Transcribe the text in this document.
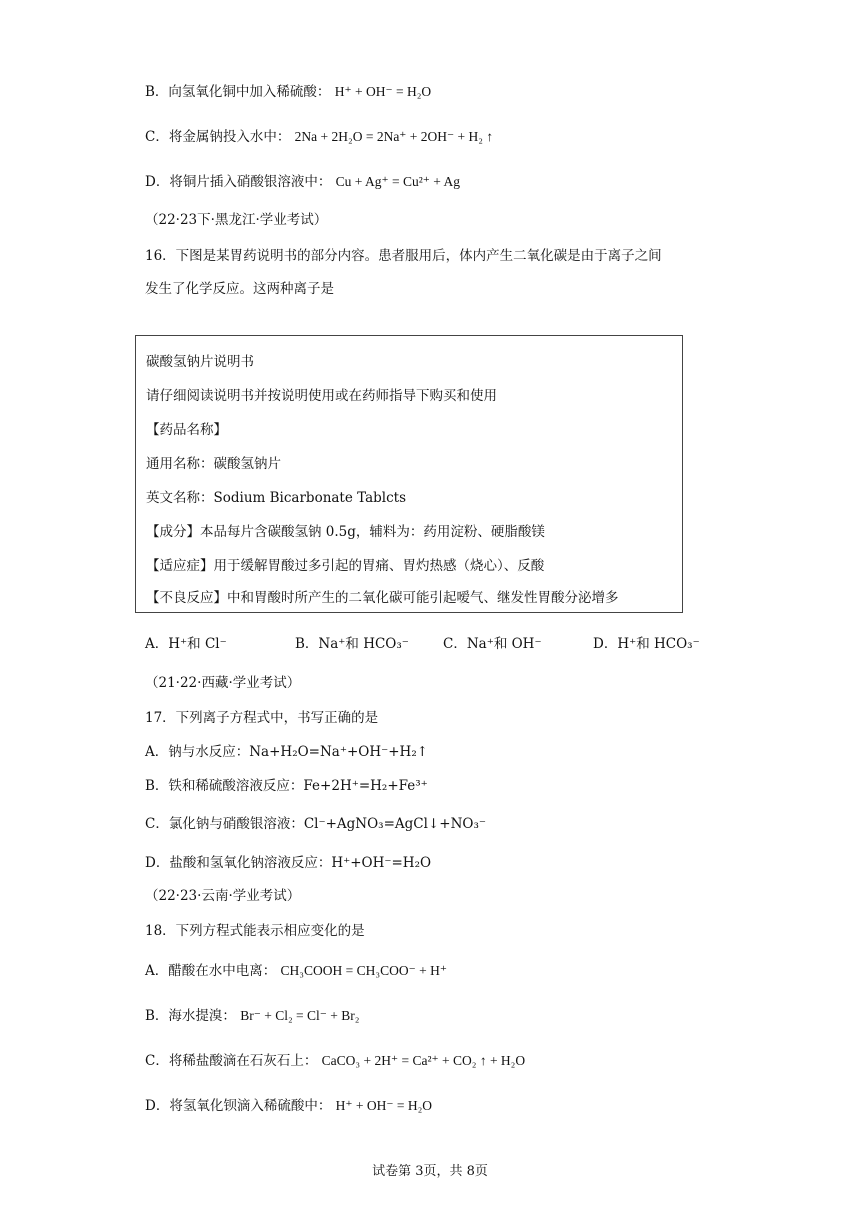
B．向氢氧化铜中加入稀硫酸： H⁺ + OH⁻ = H₂O
C．将金属钠投入水中： 2Na + 2H₂O = 2Na⁺ + 2OH⁻ + H₂ ↑
D．将铜片插入硝酸银溶液中： Cu + Ag⁺ = Cu²⁺ + Ag
（22·23下·黑龙江·学业考试）
16．下图是某胃药说明书的部分内容。患者服用后，体内产生二氧化碳是由于离子之间
发生了化学反应。这两种离子是
碳酸氢钠片说明书
请仔细阅读说明书并按说明使用或在药师指导下购买和使用
【药品名称】
通用名称：碳酸氢钠片
英文名称：Sodium Bicarbonate Tablcts
【成分】本品每片含碳酸氢钠 0.5g，辅料为：药用淀粉、硬脂酸镁
【适应症】用于缓解胃酸过多引起的胃痛、胃灼热感（烧心）、反酸
【不良反应】中和胃酸时所产生的二氧化碳可能引起嗳气、继发性胃酸分泌增多
A．H⁺和 Cl⁻	B．Na⁺和 HCO₃⁻	C．Na⁺和 OH⁻	D．H⁺和 HCO₃⁻
（21·22·西藏·学业考试）
17．下列离子方程式中，书写正确的是
A．钠与水反应：Na+H₂O=Na⁺+OH⁻+H₂↑
B．铁和稀硫酸溶液反应：Fe+2H⁺=H₂+Fe³⁺
C．氯化钠与硝酸银溶液：Cl⁻+AgNO₃=AgCl↓+NO₃⁻
D．盐酸和氢氧化钠溶液反应：H⁺+OH⁻=H₂O
（22·23·云南·学业考试）
18．下列方程式能表示相应变化的是
A．醋酸在水中电离： CH₃COOH = CH₃COO⁻ + H⁺
B．海水提溴： Br⁻ + Cl₂ = Cl⁻ + Br₂
C．将稀盐酸滴在石灰石上： CaCO₃ + 2H⁺ = Ca²⁺ + CO₂ ↑ + H₂O
D．将氢氧化钡滴入稀硫酸中： H⁺ + OH⁻ = H₂O
试卷第 3页，共 8页
